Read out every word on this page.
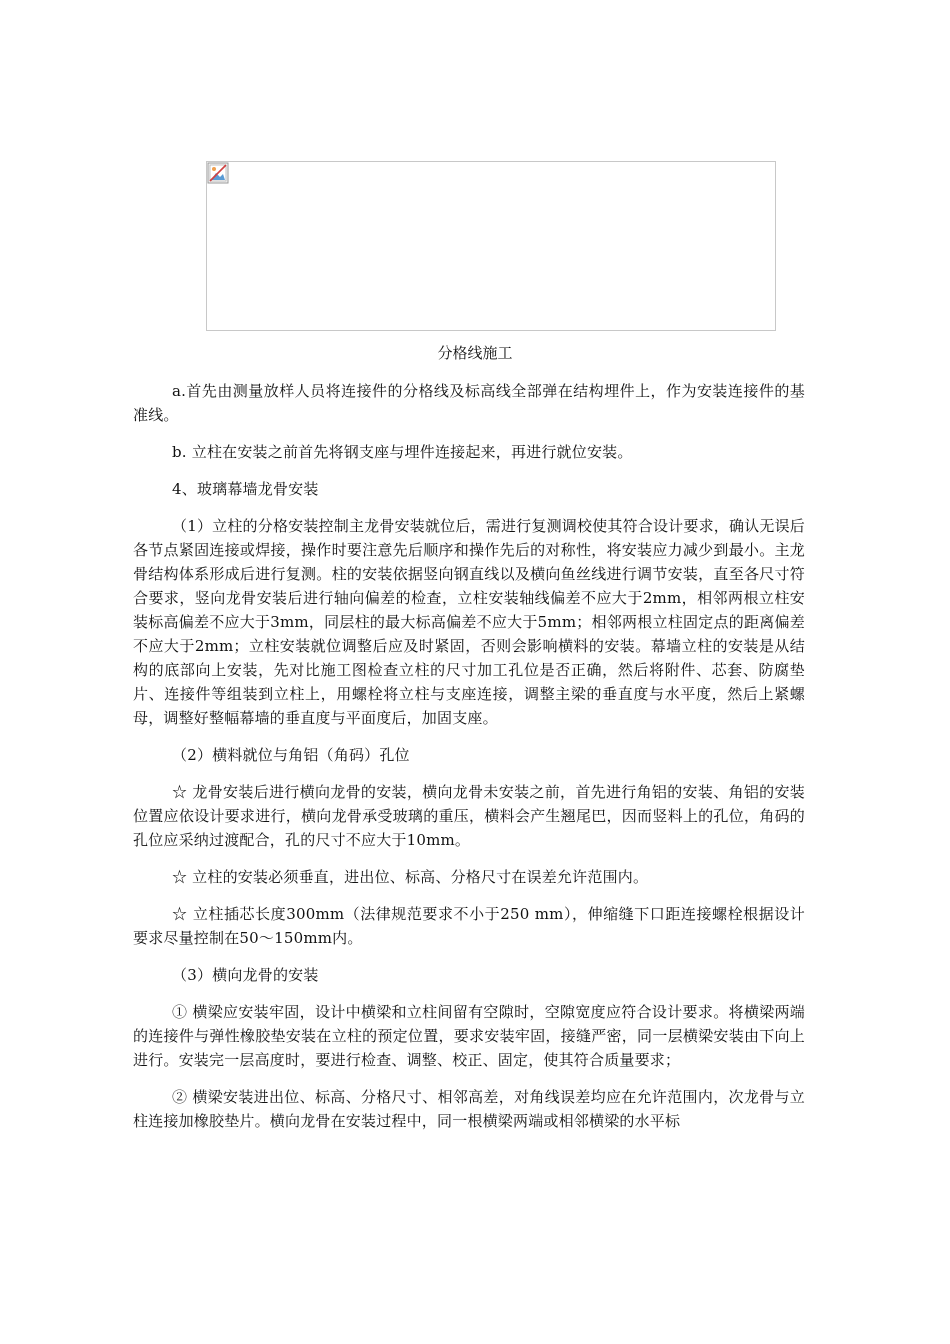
分格线施工

a.首先由测量放样人员将连接件的分格线及标高线全部弹在结构埋件上，作为安装连接件的基准线。

b. 立柱在安装之前首先将钢支座与埋件连接起来，再进行就位安装。

4、玻璃幕墙龙骨安装

（1）立柱的分格安装控制主龙骨安装就位后，需进行复测调校使其符合设计要求，确认无误后各节点紧固连接或焊接，操作时要注意先后顺序和操作先后的对称性，将安装应力减少到最小。主龙骨结构体系形成后进行复测。柱的安装依据竖向钢直线以及横向鱼丝线进行调节安装，直至各尺寸符合要求，竖向龙骨安装后进行轴向偏差的检查，立柱安装轴线偏差不应大于2mm，相邻两根立柱安装标高偏差不应大于3mm，同层柱的最大标高偏差不应大于5mm；相邻两根立柱固定点的距离偏差不应大于2mm；立柱安装就位调整后应及时紧固，否则会影响横料的安装。幕墙立柱的安装是从结构的底部向上安装，先对比施工图检查立柱的尺寸加工孔位是否正确，然后将附件、芯套、防腐垫片、连接件等组装到立柱上，用螺栓将立柱与支座连接，调整主梁的垂直度与水平度，然后上紧螺母，调整好整幅幕墙的垂直度与平面度后，加固支座。

（2）横料就位与角铝（角码）孔位

☆ 龙骨安装后进行横向龙骨的安装，横向龙骨未安装之前，首先进行角铝的安装、角铝的安装位置应依设计要求进行，横向龙骨承受玻璃的重压，横料会产生翘尾巴，因而竖料上的孔位，角码的孔位应采纳过渡配合，孔的尺寸不应大于10mm。

☆ 立柱的安装必须垂直，进出位、标高、分格尺寸在误差允许范围内。

☆ 立柱插芯长度300mm（法律规范要求不小于250 mm），伸缩缝下口距连接螺栓根据设计要求尽量控制在50～150mm内。

（3）横向龙骨的安装

① 横梁应安装牢固，设计中横梁和立柱间留有空隙时，空隙宽度应符合设计要求。将横梁两端的连接件与弹性橡胶垫安装在立柱的预定位置，要求安装牢固，接缝严密，同一层横梁安装由下向上进行。安装完一层高度时，要进行检查、调整、校正、固定，使其符合质量要求；

② 横梁安装进出位、标高、分格尺寸、相邻高差，对角线误差均应在允许范围内，次龙骨与立柱连接加橡胶垫片。横向龙骨在安装过程中，同一根横梁两端或相邻横梁的水平标
